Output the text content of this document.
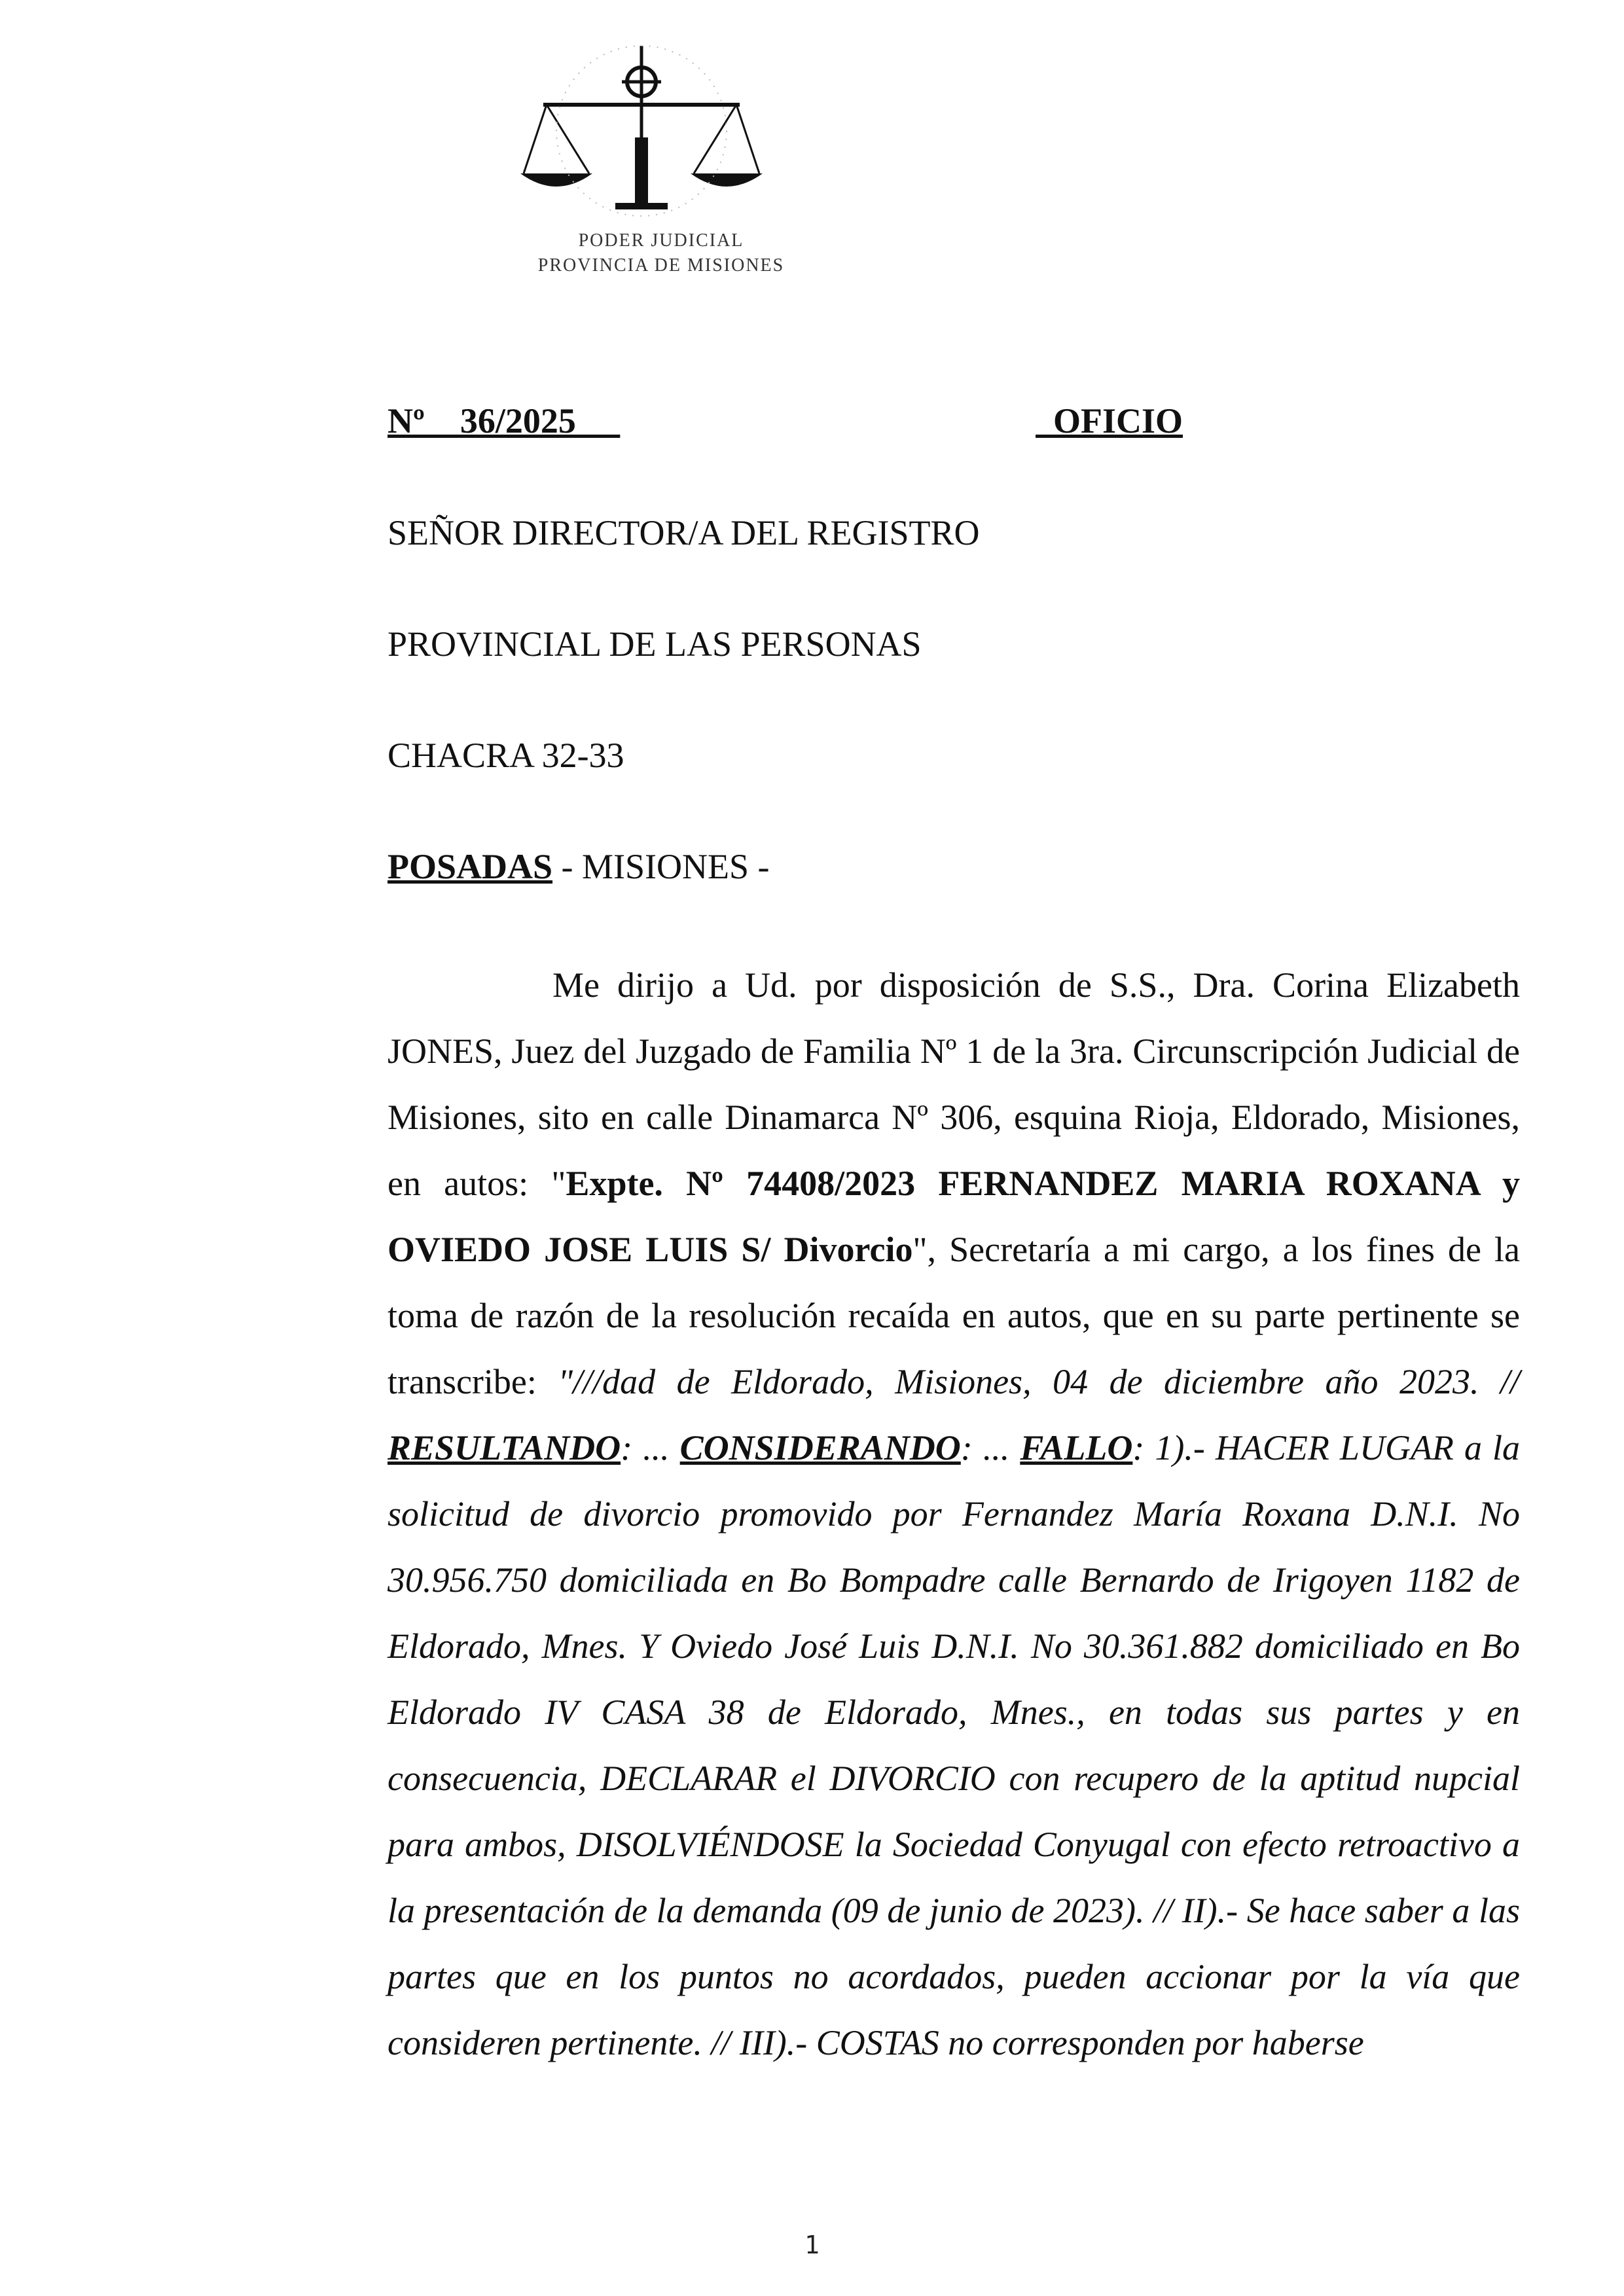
PODER JUDICIAL
PROVINCIA DE MISIONES
Nº    36/2025	OFICIO
SEÑOR DIRECTOR/A DEL REGISTRO
PROVINCIAL DE LAS PERSONAS
CHACRA 32-33
POSADAS - MISIONES -
Me dirijo a Ud. por disposición de S.S., Dra. Corina Elizabeth JONES, Juez del Juzgado de Familia Nº 1 de la 3ra. Circunscripción Judicial de Misiones, sito en calle Dinamarca Nº 306, esquina Rioja, Eldorado, Misiones, en autos: "Expte. Nº 74408/2023 FERNANDEZ MARIA ROXANA y OVIEDO JOSE LUIS S/ Divorcio", Secretaría a mi cargo, a los fines de la toma de razón de la resolución recaída en autos, que en su parte pertinente se transcribe: "///dad de Eldorado, Misiones, 04 de diciembre año 2023. // RESULTANDO: ... CONSIDERANDO: ... FALLO: 1).- HACER LUGAR a la solicitud de divorcio promovido por Fernandez María Roxana D.N.I. No 30.956.750 domiciliada en Bo Bompadre calle Bernardo de Irigoyen 1182 de Eldorado, Mnes. Y Oviedo José Luis D.N.I. No 30.361.882 domiciliado en Bo Eldorado IV CASA 38 de Eldorado, Mnes., en todas sus partes y en consecuencia, DECLARAR el DIVORCIO con recupero de la aptitud nupcial para ambos, DISOLVIÉNDOSE la Sociedad Conyugal con efecto retroactivo a la presentación de la demanda (09 de junio de 2023). // II).- Se hace saber a las partes que en los puntos no acordados, pueden accionar por la vía que consideren pertinente. // III).- COSTAS no corresponden por haberse
1
